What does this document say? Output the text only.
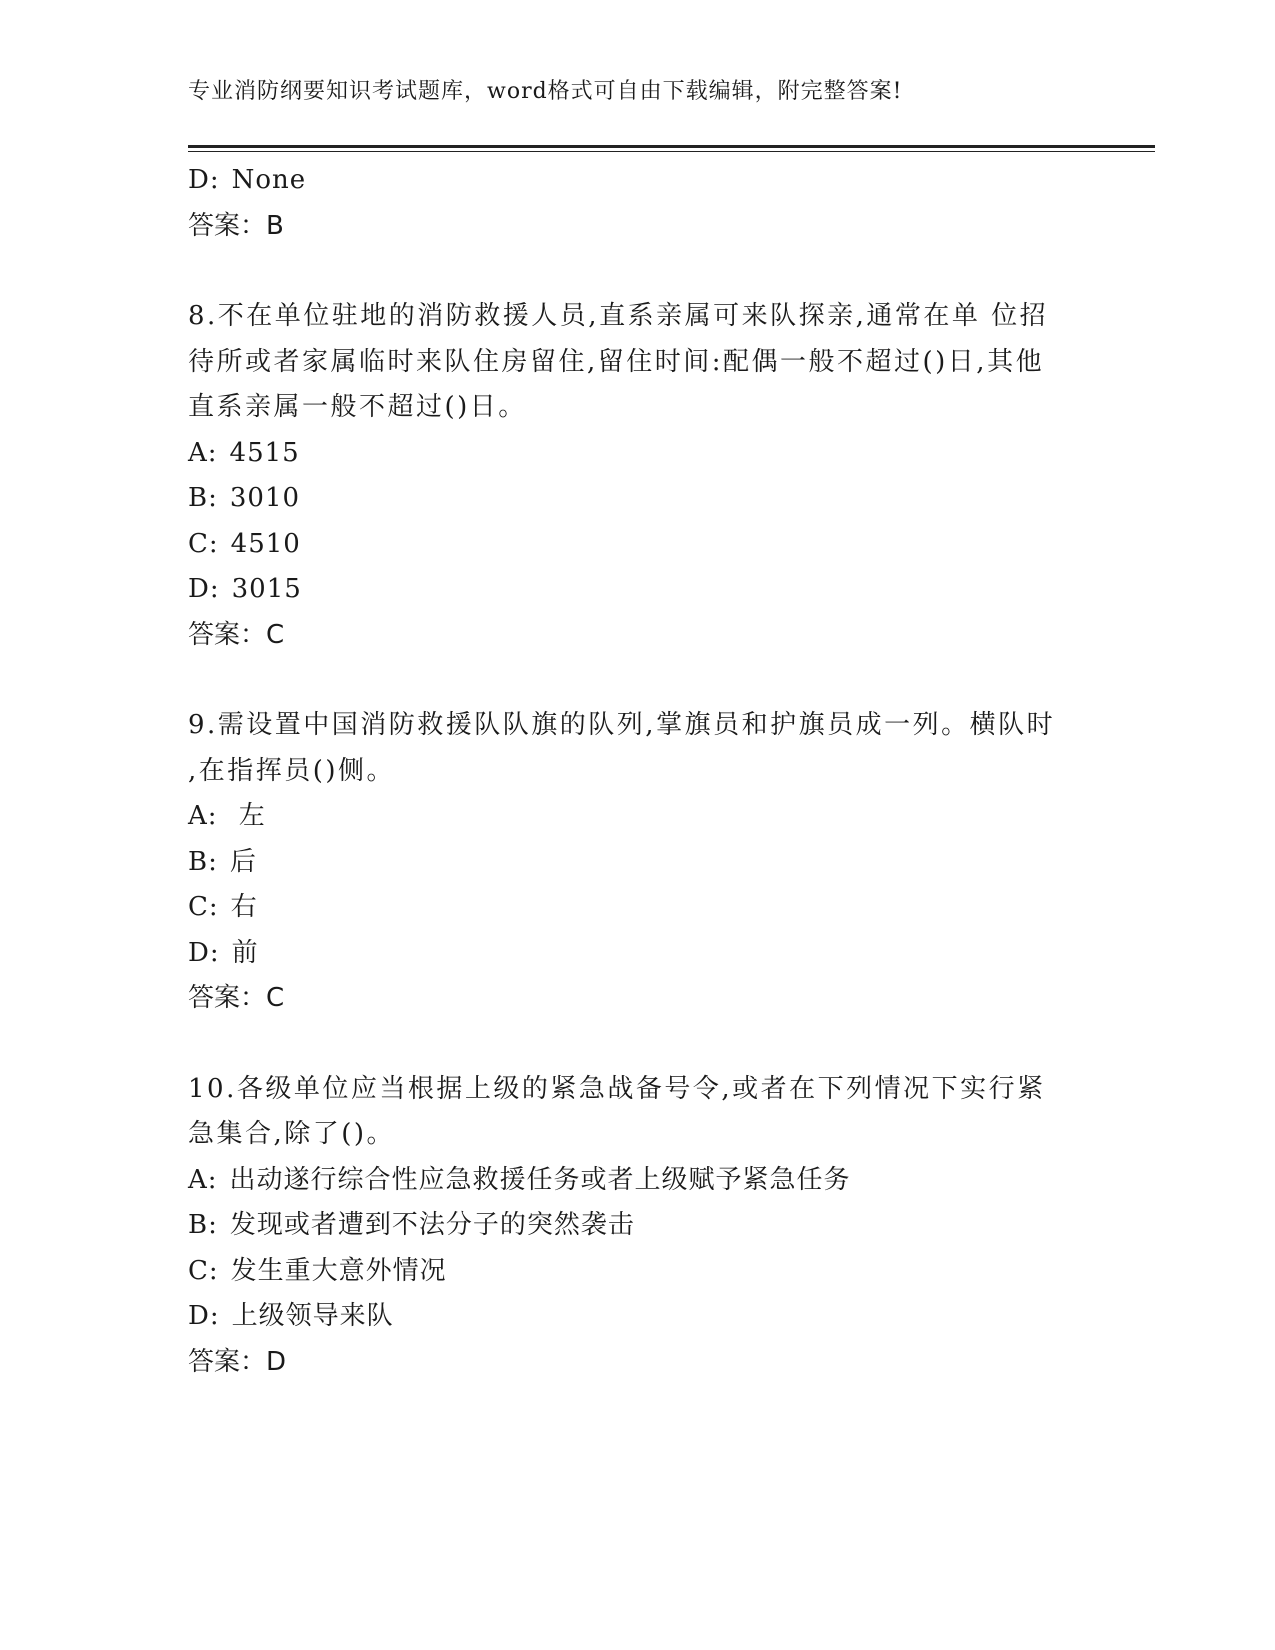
专业消防纲要知识考试题库，word格式可自由下载编辑，附完整答案!
D: None
答案：B
8.不在单位驻地的消防救援人员,直系亲属可来队探亲,通常在单 位招
待所或者家属临时来队住房留住,留住时间:配偶一般不超过()日,其他
直系亲属一般不超过()日。
A: 4515
B: 3010
C: 4510
D: 3015
答案：C
9.需设置中国消防救援队队旗的队列,掌旗员和护旗员成一列。横队时
,在指挥员()侧。
A: 左
B: 后
C: 右
D: 前
答案：C
10.各级单位应当根据上级的紧急战备号令,或者在下列情况下实行紧
急集合,除了()。
A: 出动遂行综合性应急救援任务或者上级赋予紧急任务
B: 发现或者遭到不法分子的突然袭击
C: 发生重大意外情况
D: 上级领导来队
答案：D
